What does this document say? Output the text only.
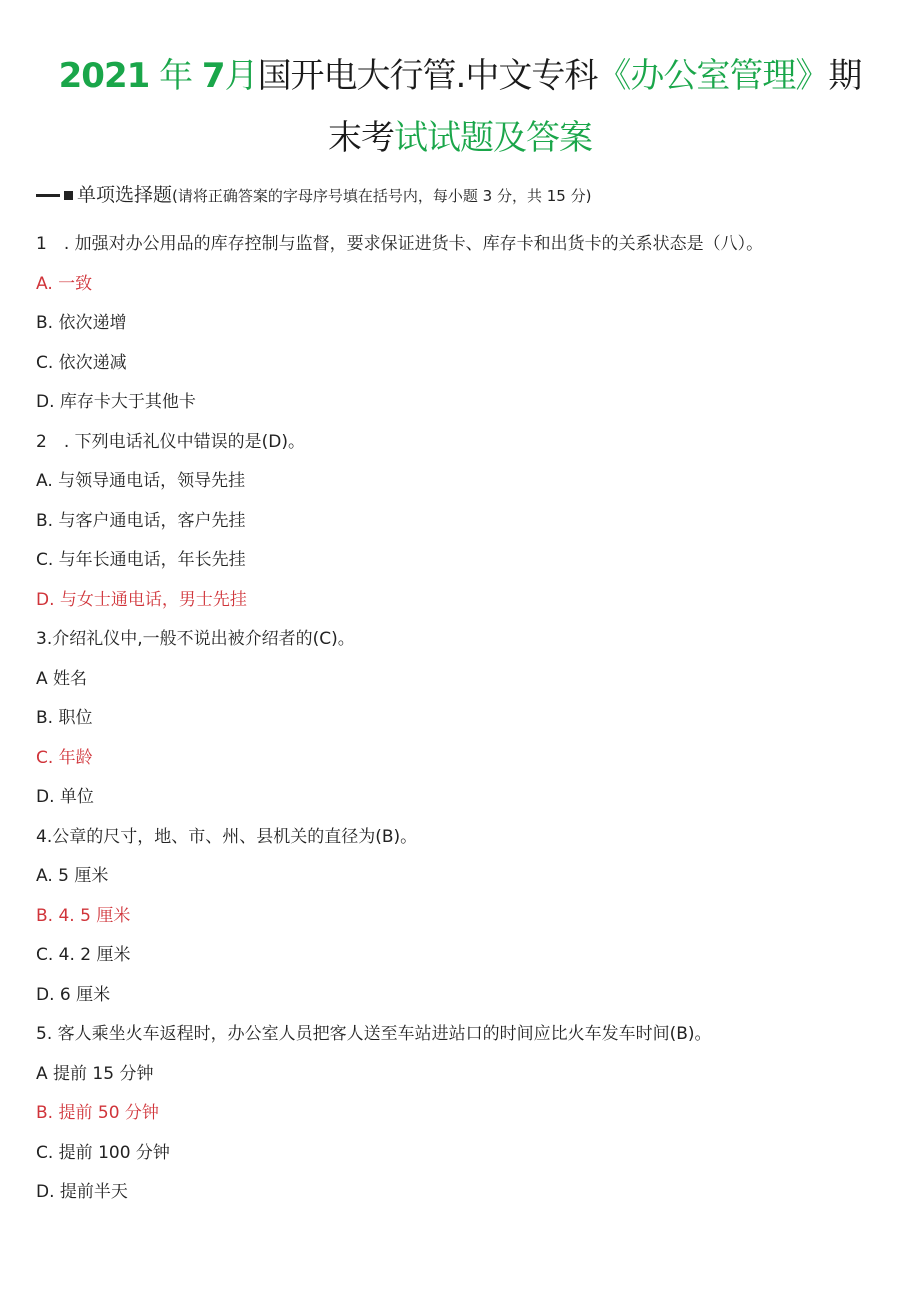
2021 年 7月国开电大行管.中文专科《办公室管理》期
末考试试题及答案
单项选择题(请将正确答案的字母序号填在括号内，每小题 3 分，共 15 分)
1　. 加强对办公用品的库存控制与监督，要求保证进货卡、库存卡和出货卡的关系状态是（八）。
A. 一致
B. 依次递增
C. 依次递减
D. 库存卡大于其他卡
2　. 下列电话礼仪中错误的是(D)。
A. 与领导通电话，领导先挂
B. 与客户通电话，客户先挂
C. 与年长通电话，年长先挂
D. 与女士通电话，男士先挂
3.介绍礼仪中,一般不说出被介绍者的(C)。
A 姓名
B. 职位
C. 年龄
D. 单位
4.公章的尺寸，地、市、州、县机关的直径为(B)。
A. 5 厘米
B. 4. 5 厘米
C. 4. 2 厘米
D. 6 厘米
5. 客人乘坐火车返程时，办公室人员把客人送至车站进站口的时间应比火车发车时间(B)。
A 提前 15 分钟
B. 提前 50 分钟
C. 提前 100 分钟
D. 提前半天
